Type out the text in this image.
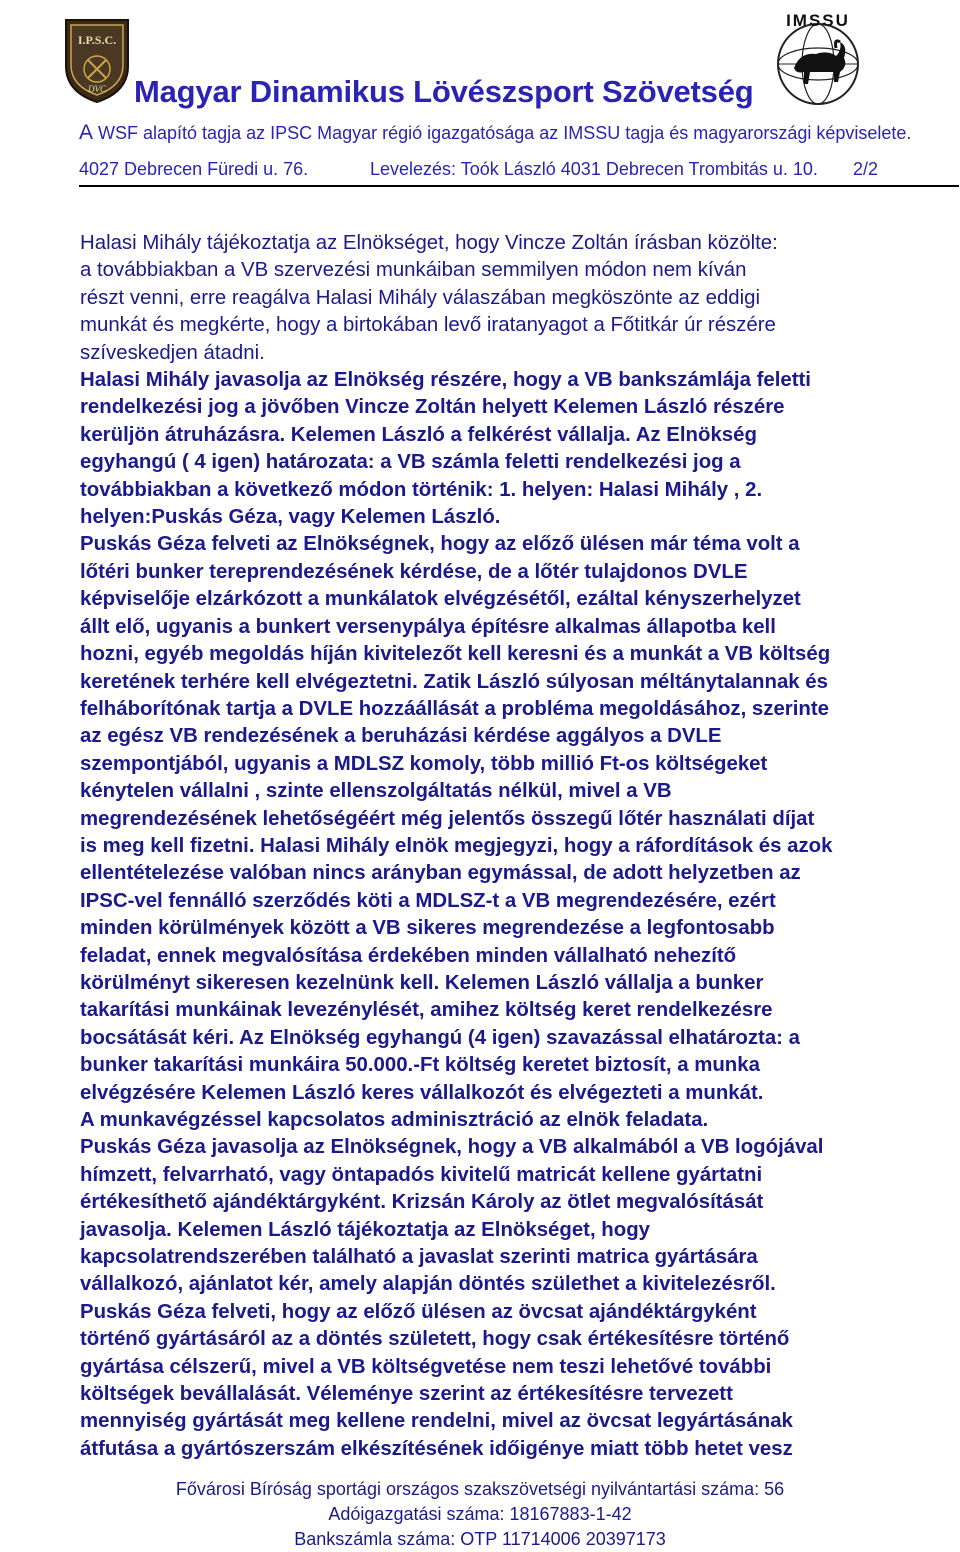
I.P.S.C.
DVC
IMSSU
Magyar Dinamikus Lövészsport Szövetség

A WSF alapító tagja az IPSC Magyar régió igazgatósága az IMSSU tagja és magyarországi képviselete.

4027 Debrecen Füredi u. 76.	Levelezés: Toók László 4031 Debrecen Trombitás u. 10. 2/2
Halasi Mihály tájékoztatja az Elnökséget, hogy Vincze Zoltán írásban közölte:
a továbbiakban a VB szervezési munkáiban semmilyen módon nem kíván
részt venni, erre reagálva Halasi Mihály válaszában megköszönte az eddigi
munkát és megkérte, hogy a birtokában levő iratanyagot a Főtitkár úr részére
szíveskedjen átadni.
Halasi Mihály javasolja az Elnökség részére, hogy a VB bankszámlája feletti
rendelkezési jog a jövőben Vincze Zoltán helyett Kelemen László részére
kerüljön átruházásra. Kelemen László a felkérést vállalja. Az Elnökség
egyhangú ( 4 igen) határozata: a VB számla feletti rendelkezési jog a
továbbiakban a következő módon történik: 1. helyen: Halasi Mihály , 2.
helyen:Puskás Géza, vagy Kelemen László.
Puskás Géza felveti az Elnökségnek, hogy az előző ülésen már téma volt a
lőtéri bunker tereprendezésének kérdése, de a lőtér tulajdonos DVLE
képviselője elzárkózott a munkálatok elvégzésétől, ezáltal kényszerhelyzet
állt elő, ugyanis a bunkert versenypálya építésre alkalmas állapotba kell
hozni, egyéb megoldás híján kivitelezőt kell keresni és a munkát a VB költség
keretének terhére kell elvégeztetni. Zatik László súlyosan méltánytalannak és
felháborítónak tartja a DVLE hozzáállását a probléma megoldásához, szerinte
az egész VB rendezésének a beruházási kérdése aggályos a DVLE
szempontjából, ugyanis a MDLSZ komoly, több millió Ft-os költségeket
kénytelen vállalni , szinte ellenszolgáltatás nélkül, mivel a VB
megrendezésének lehetőségéért még jelentős összegű lőtér használati díjat
is meg kell fizetni. Halasi Mihály elnök megjegyzi, hogy a ráfordítások és azok
ellentételezése valóban nincs arányban egymással, de adott helyzetben az
IPSC-vel fennálló szerződés köti a MDLSZ-t a VB megrendezésére, ezért
minden körülmények között a VB sikeres megrendezése a legfontosabb
feladat, ennek megvalósítása érdekében minden vállalható nehezítő
körülményt sikeresen kezelnünk kell. Kelemen László vállalja a bunker
takarítási munkáinak levezénylését, amihez költség keret rendelkezésre
bocsátását kéri. Az Elnökség egyhangú (4 igen) szavazással elhatározta: a
bunker takarítási munkáira 50.000.-Ft költség keretet biztosít, a munka
elvégzésére Kelemen László keres vállalkozót és elvégezteti a munkát.
A munkavégzéssel kapcsolatos adminisztráció az elnök feladata.
Puskás Géza javasolja az Elnökségnek, hogy a VB alkalmából a VB logójával
hímzett, felvarrható, vagy öntapadós kivitelű matricát kellene gyártatni
értékesíthető ajándéktárgyként. Krizsán Károly az ötlet megvalósítását
javasolja. Kelemen László tájékoztatja az Elnökséget, hogy
kapcsolatrendszerében található a javaslat szerinti matrica gyártására
vállalkozó, ajánlatot kér, amely alapján döntés születhet a kivitelezésről.
Puskás Géza felveti, hogy az előző ülésen az övcsat ajándéktárgyként
történő gyártásáról az a döntés született, hogy csak értékesítésre történő
gyártása célszerű, mivel a VB költségvetése nem teszi lehetővé további
költségek bevállalását. Véleménye szerint az értékesítésre tervezett
mennyiség gyártását meg kellene rendelni, mivel az övcsat legyártásának
átfutása a gyártószerszám elkészítésének időigénye miatt több hetet vesz
Fővárosi Bíróság sportági országos szakszövetségi nyilvántartási száma: 56
Adóigazgatási száma: 18167883-1-42
Bankszámla száma: OTP 11714006 20397173
